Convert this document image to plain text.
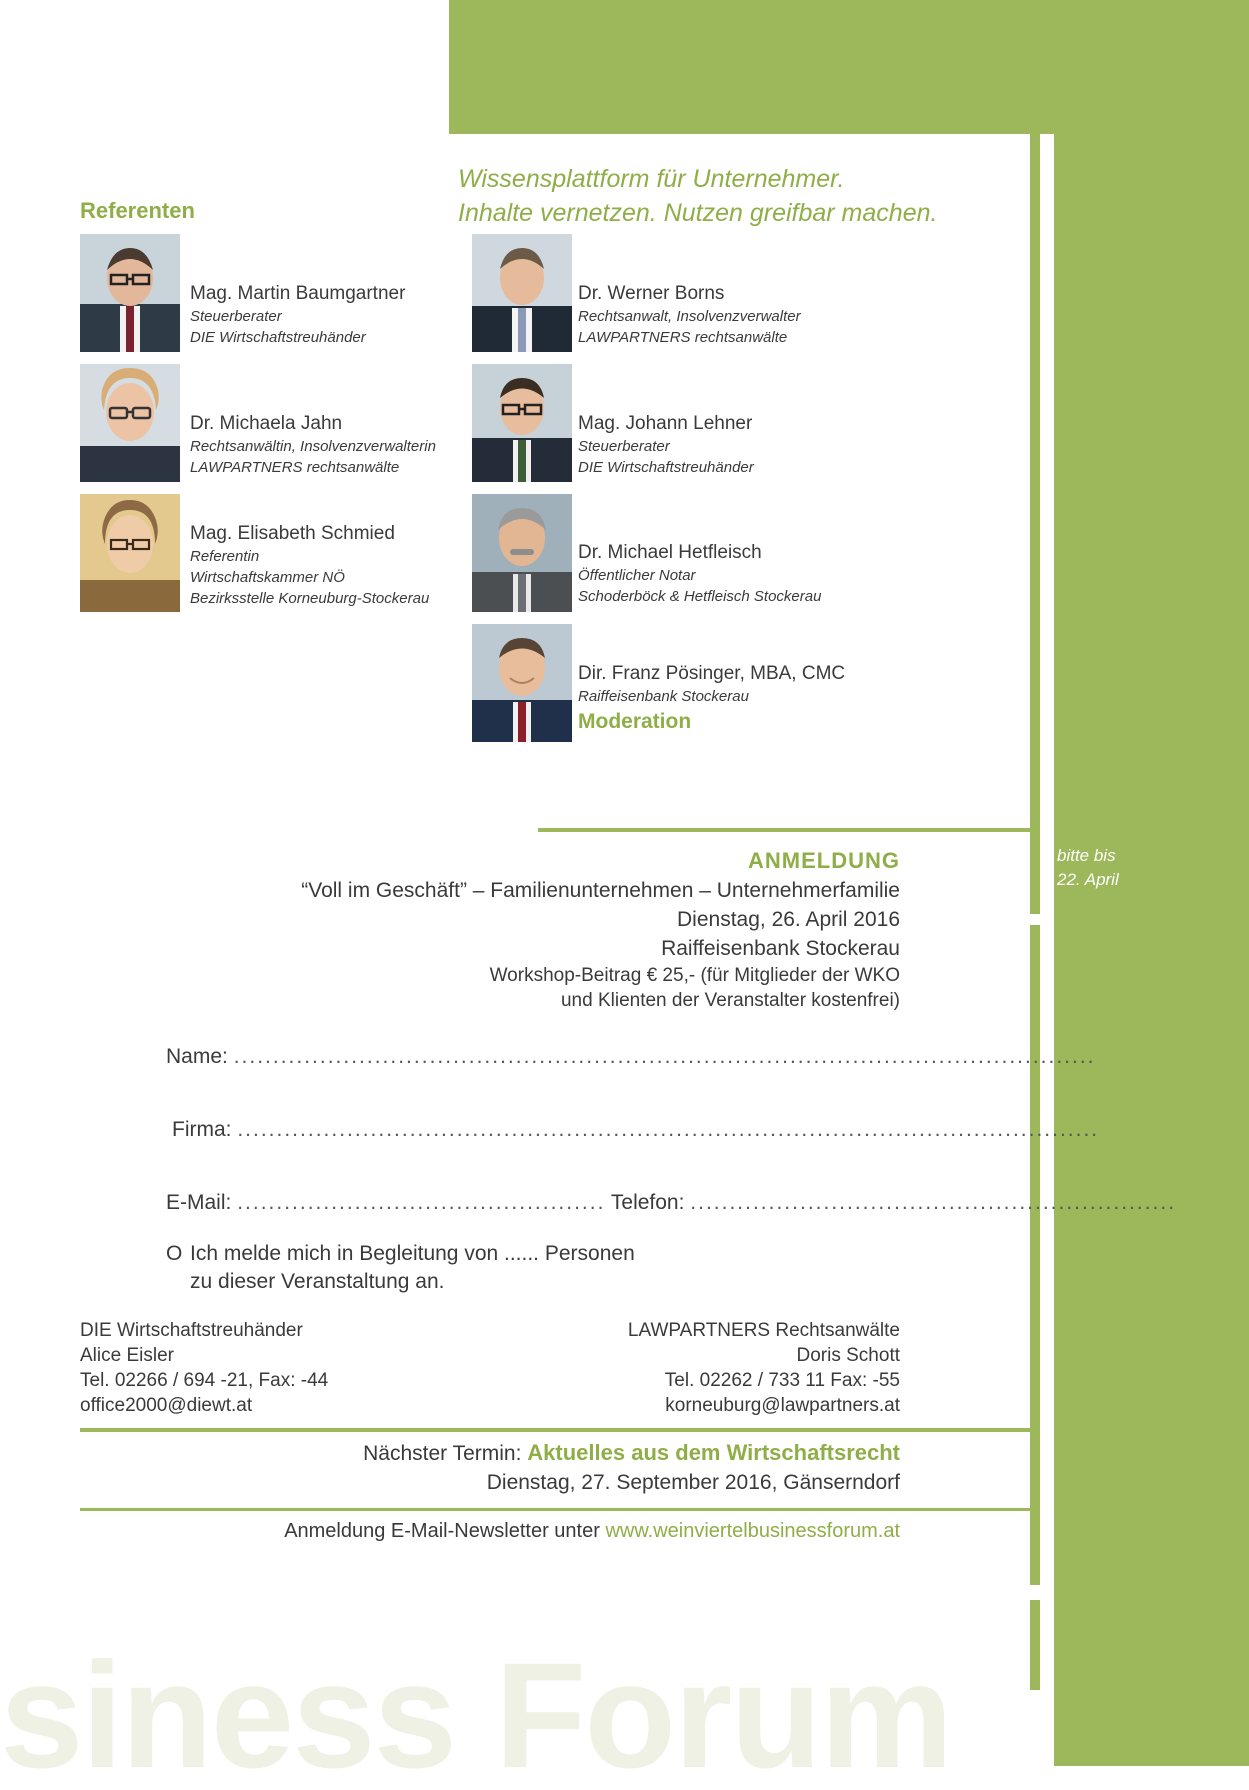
siness Forum
Referenten
Wissensplattform für Unternehmer.
Inhalte vernetzen. Nutzen greifbar machen.
Mag. Martin Baumgartner
Steuerberater
DIE Wirtschaftstreuhänder
Dr. Werner Borns
Rechtsanwalt, Insolvenzverwalter
LAWPARTNERS rechtsanwälte
Dr. Michaela Jahn
Rechtsanwältin, Insolvenzverwalterin
LAWPARTNERS rechtsanwälte
Mag. Johann Lehner
Steuerberater
DIE Wirtschaftstreuhänder
Mag. Elisabeth Schmied
Referentin
Wirtschaftskammer NÖ
Bezirksstelle Korneuburg-Stockerau
Dr. Michael Hetfleisch
Öffentlicher Notar
Schoderböck & Hetfleisch Stockerau
Dir. Franz Pösinger, MBA, CMC
Raiffeisenbank Stockerau
Moderation
ANMELDUNG
“Voll im Geschäft” – Familienunternehmen – Unternehmerfamilie
Dienstag, 26. April 2016
Raiffeisenbank Stockerau
Workshop-Beitrag € 25,- (für Mitglieder der WKO
und Klienten der Veranstalter kostenfrei)
bitte bis
22. April
Name: ..............................................................................................................
Firma: ..............................................................................................................
E-Mail: ............................................... Telefon: ..............................................................
O Ich melde mich in Begleitung von ...... Personen
zu dieser Veranstaltung an.
DIE Wirtschaftstreuhänder
Alice Eisler
Tel. 02266 / 694 -21, Fax: -44
office2000@diewt.at
LAWPARTNERS Rechtsanwälte
Doris Schott
Tel. 02262 / 733 11 Fax: -55
korneuburg@lawpartners.at
Nächster Termin: Aktuelles aus dem Wirtschaftsrecht
Dienstag, 27. September 2016, Gänserndorf
Anmeldung E-Mail-Newsletter unter www.weinviertelbusinessforum.at
